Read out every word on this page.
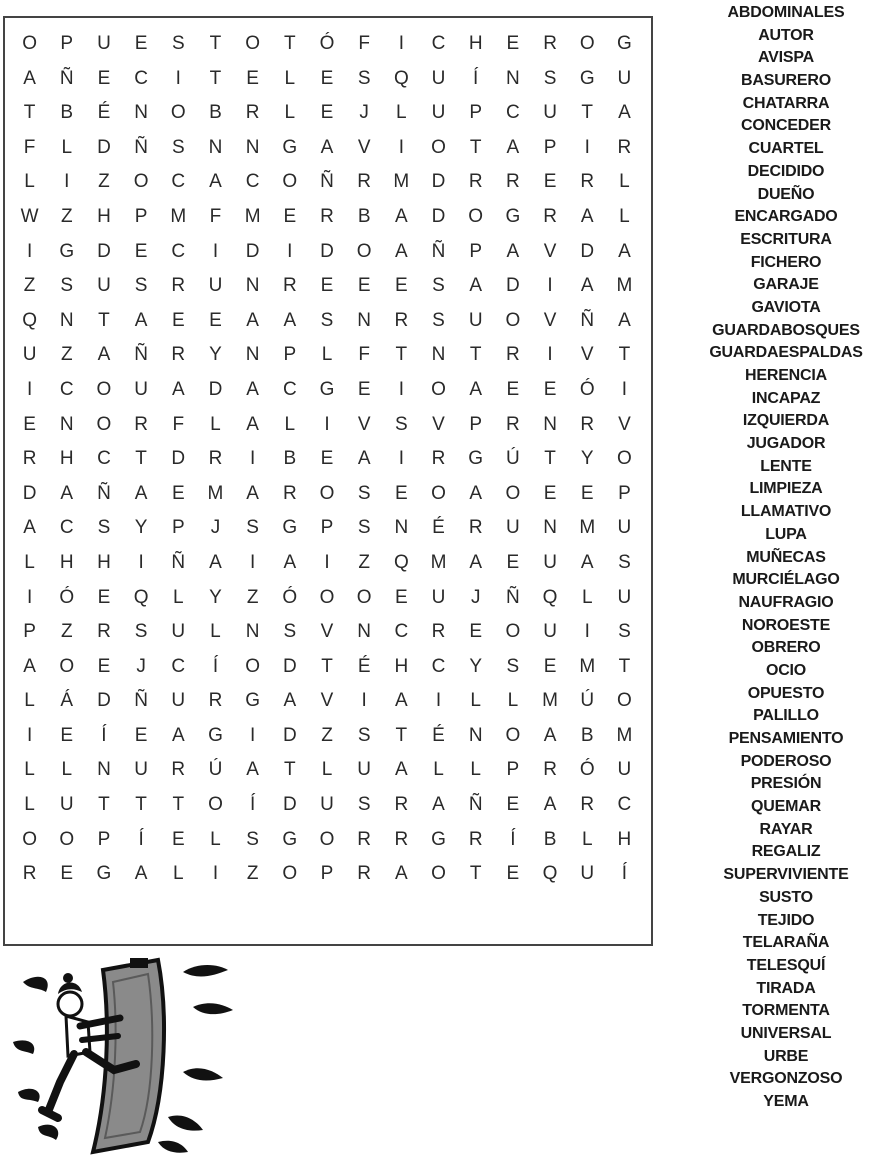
O	P	U	E	S	T	O	T	Ó	F	I	C	H	E	R	O	G
A	Ñ	E	C	I	T	E	L	E	S	Q	U	Í	N	S	G	U
T	B	É	N	O	B	R	L	E	J	L	U	P	C	U	T	A
F	L	D	Ñ	S	N	N	G	A	V	I	O	T	A	P	I	R
L	I	Z	O	C	A	C	O	Ñ	R	M	D	R	R	E	R	L
W	Z	H	P	M	F	M	E	R	B	A	D	O	G	R	A	L
I	G	D	E	C	I	D	I	D	O	A	Ñ	P	A	V	D	A
Z	S	U	S	R	U	N	R	E	E	E	S	A	D	I	A	M
Q	N	T	A	E	E	A	A	S	N	R	S	U	O	V	Ñ	A
U	Z	A	Ñ	R	Y	N	P	L	F	T	N	T	R	I	V	T
I	C	O	U	A	D	A	C	G	E	I	O	A	E	E	Ó	I
E	N	O	R	F	L	A	L	I	V	S	V	P	R	N	R	V
R	H	C	T	D	R	I	B	E	A	I	R	G	Ú	T	Y	O
D	A	Ñ	A	E	M	A	R	O	S	E	O	A	O	E	E	P
A	C	S	Y	P	J	S	G	P	S	N	É	R	U	N	M	U
L	H	H	I	Ñ	A	I	A	I	Z	Q	M	A	E	U	A	S
I	Ó	E	Q	L	Y	Z	Ó	O	O	E	U	J	Ñ	Q	L	U
P	Z	R	S	U	L	N	S	V	N	C	R	E	O	U	I	S
A	O	E	J	C	Í	O	D	T	É	H	C	Y	S	E	M	T
L	Á	D	Ñ	U	R	G	A	V	I	A	I	L	L	M	Ú	O
I	E	Í	E	A	G	I	D	Z	S	T	É	N	O	A	B	M
L	L	N	U	R	Ú	A	T	L	U	A	L	L	P	R	Ó	U
L	U	T	T	T	O	Í	D	U	S	R	A	Ñ	E	A	R	C
O	O	P	Í	E	L	S	G	O	R	R	G	R	Í	B	L	H
R	E	G	A	L	I	Z	O	P	R	A	O	T	E	Q	U	Í
ABDOMINALES
AUTOR
AVISPA
BASURERO
CHATARRA
CONCEDER
CUARTEL
DECIDIDO
DUEÑO
ENCARGADO
ESCRITURA
FICHERO
GARAJE
GAVIOTA
GUARDABOSQUES
GUARDAESPALDAS
HERENCIA
INCAPAZ
IZQUIERDA
JUGADOR
LENTE
LIMPIEZA
LLAMATIVO
LUPA
MUÑECAS
MURCIÉLAGO
NAUFRAGIO
NOROESTE
OBRERO
OCIO
OPUESTO
PALILLO
PENSAMIENTO
PODEROSO
PRESIÓN
QUEMAR
RAYAR
REGALIZ
SUPERVIVIENTE
SUSTO
TEJIDO
TELARAÑA
TELESQUÍ
TIRADA
TORMENTA
UNIVERSAL
URBE
VERGONZOSO
YEMA
